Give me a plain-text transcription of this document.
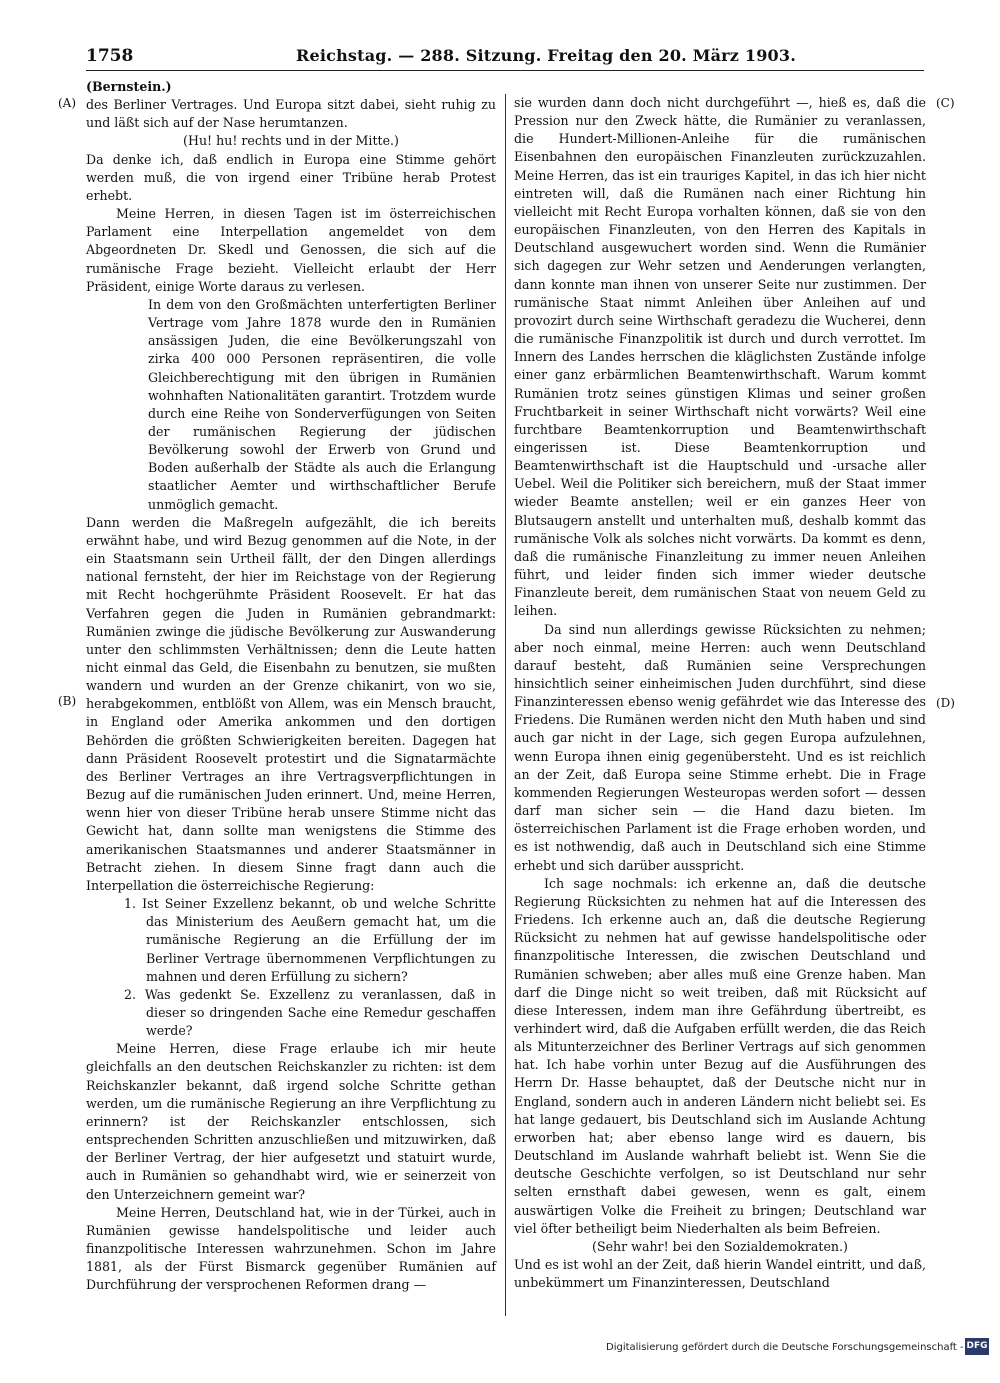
1758	Reichstag. — 288. Sitzung. Freitag den 20. März 1903.
(A)
(B)
(C)
(D)

(Bernstein.)

des Berliner Vertrages. Und Europa sitzt dabei, sieht ruhig zu und läßt sich auf der Nase herumtanzen.

(Hu! hu! rechts und in der Mitte.)

Da denke ich, daß endlich in Europa eine Stimme gehört werden muß, die von irgend einer Tribüne herab Protest erhebt.

Meine Herren, in diesen Tagen ist im österreichischen Parlament eine Interpellation angemeldet von dem Abgeordneten Dr. Skedl und Genossen, die sich auf die rumänische Frage bezieht. Vielleicht erlaubt der Herr Präsident, einige Worte daraus zu verlesen.

In dem von den Großmächten unterfertigten Berliner Vertrage vom Jahre 1878 wurde den in Rumänien ansässigen Juden, die eine Bevölkerungszahl von zirka 400 000 Personen repräsentiren, die volle Gleichberechtigung mit den übrigen in Rumänien wohnhaften Nationalitäten garantirt. Trotzdem wurde durch eine Reihe von Sonderverfügungen von Seiten der rumänischen Regierung der jüdischen Bevölkerung sowohl der Erwerb von Grund und Boden außerhalb der Städte als auch die Erlangung staatlicher Aemter und wirthschaftlicher Berufe unmöglich gemacht.

Dann werden die Maßregeln aufgezählt, die ich bereits erwähnt habe, und wird Bezug genommen auf die Note, in der ein Staatsmann sein Urtheil fällt, der den Dingen allerdings national fernsteht, der hier im Reichstage von der Regierung mit Recht hochgerühmte Präsident Roosevelt. Er hat das Verfahren gegen die Juden in Rumänien gebrandmarkt: Rumänien zwinge die jüdische Bevölkerung zur Auswanderung unter den schlimmsten Verhältnissen; denn die Leute hatten nicht einmal das Geld, die Eisenbahn zu benutzen, sie mußten wandern und wurden an der Grenze chikanirt, von wo sie, herabgekommen, entblößt von Allem, was ein Mensch braucht, in England oder Amerika ankommen und den dortigen Behörden die größten Schwierigkeiten bereiten. Dagegen hat dann Präsident Roosevelt protestirt und die Signatarmächte des Berliner Vertrages an ihre Vertragsverpflichtungen in Bezug auf die rumänischen Juden erinnert. Und, meine Herren, wenn hier von dieser Tribüne herab unsere Stimme nicht das Gewicht hat, dann sollte man wenigstens die Stimme des amerikanischen Staatsmannes und anderer Staatsmänner in Betracht ziehen. In diesem Sinne fragt dann auch die Interpellation die österreichische Regierung:

1. Ist Seiner Exzellenz bekannt, ob und welche Schritte das Ministerium des Aeußern gemacht hat, um die rumänische Regierung an die Erfüllung der im Berliner Vertrage übernommenen Verpflichtungen zu mahnen und deren Erfüllung zu sichern?

2. Was gedenkt Se. Exzellenz zu veranlassen, daß in dieser so dringenden Sache eine Remedur geschaffen werde?

Meine Herren, diese Frage erlaube ich mir heute gleichfalls an den deutschen Reichskanzler zu richten: ist dem Reichskanzler bekannt, daß irgend solche Schritte gethan werden, um die rumänische Regierung an ihre Verpflichtung zu erinnern? ist der Reichskanzler entschlossen, sich entsprechenden Schritten anzuschließen und mitzuwirken, daß der Berliner Vertrag, der hier aufgesetzt und statuirt wurde, auch in Rumänien so gehandhabt wird, wie er seinerzeit von den Unterzeichnern gemeint war?

Meine Herren, Deutschland hat, wie in der Türkei, auch in Rumänien gewisse handelspolitische und leider auch finanzpolitische Interessen wahrzunehmen. Schon im Jahre 1881, als der Fürst Bismarck gegenüber Rumänien auf Durchführung der versprochenen Reformen drang —

sie wurden dann doch nicht durchgeführt —, hieß es, daß die Pression nur den Zweck hätte, die Rumänier zu veranlassen, die Hundert-Millionen-Anleihe für die rumänischen Eisenbahnen den europäischen Finanzleuten zurückzuzahlen. Meine Herren, das ist ein trauriges Kapitel, in das ich hier nicht eintreten will, daß die Rumänen nach einer Richtung hin vielleicht mit Recht Europa vorhalten können, daß sie von den europäischen Finanzleuten, von den Herren des Kapitals in Deutschland ausgewuchert worden sind. Wenn die Rumänier sich dagegen zur Wehr setzen und Aenderungen verlangten, dann konnte man ihnen von unserer Seite nur zustimmen. Der rumänische Staat nimmt Anleihen über Anleihen auf und provozirt durch seine Wirthschaft geradezu die Wucherei, denn die rumänische Finanzpolitik ist durch und durch verrottet. Im Innern des Landes herrschen die kläglichsten Zustände infolge einer ganz erbärmlichen Beamtenwirthschaft. Warum kommt Rumänien trotz seines günstigen Klimas und seiner großen Fruchtbarkeit in seiner Wirthschaft nicht vorwärts? Weil eine furchtbare Beamtenkorruption und Beamtenwirthschaft eingerissen ist. Diese Beamtenkorruption und Beamtenwirthschaft ist die Hauptschuld und -ursache aller Uebel. Weil die Politiker sich bereichern, muß der Staat immer wieder Beamte anstellen; weil er ein ganzes Heer von Blutsaugern anstellt und unterhalten muß, deshalb kommt das rumänische Volk als solches nicht vorwärts. Da kommt es denn, daß die rumänische Finanzleitung zu immer neuen Anleihen führt, und leider finden sich immer wieder deutsche Finanzleute bereit, dem rumänischen Staat von neuem Geld zu leihen.

Da sind nun allerdings gewisse Rücksichten zu nehmen; aber noch einmal, meine Herren: auch wenn Deutschland darauf besteht, daß Rumänien seine Versprechungen hinsichtlich seiner einheimischen Juden durchführt, sind diese Finanzinteressen ebenso wenig gefährdet wie das Interesse des Friedens. Die Rumänen werden nicht den Muth haben und sind auch gar nicht in der Lage, sich gegen Europa aufzulehnen, wenn Europa ihnen einig gegenübersteht. Und es ist reichlich an der Zeit, daß Europa seine Stimme erhebt. Die in Frage kommenden Regierungen Westeuropas werden sofort — dessen darf man sicher sein — die Hand dazu bieten. Im österreichischen Parlament ist die Frage erhoben worden, und es ist nothwendig, daß auch in Deutschland sich eine Stimme erhebt und sich darüber ausspricht.

Ich sage nochmals: ich erkenne an, daß die deutsche Regierung Rücksichten zu nehmen hat auf die Interessen des Friedens. Ich erkenne auch an, daß die deutsche Regierung Rücksicht zu nehmen hat auf gewisse handelspolitische oder finanzpolitische Interessen, die zwischen Deutschland und Rumänien schweben; aber alles muß eine Grenze haben. Man darf die Dinge nicht so weit treiben, daß mit Rücksicht auf diese Interessen, indem man ihre Gefährdung übertreibt, es verhindert wird, daß die Aufgaben erfüllt werden, die das Reich als Mitunterzeichner des Berliner Vertrags auf sich genommen hat. Ich habe vorhin unter Bezug auf die Ausführungen des Herrn Dr. Hasse behauptet, daß der Deutsche nicht nur in England, sondern auch in anderen Ländern nicht beliebt sei. Es hat lange gedauert, bis Deutschland sich im Auslande Achtung erworben hat; aber ebenso lange wird es dauern, bis Deutschland im Auslande wahrhaft beliebt ist. Wenn Sie die deutsche Geschichte verfolgen, so ist Deutschland nur sehr selten ernsthaft dabei gewesen, wenn es galt, einem auswärtigen Volke die Freiheit zu bringen; Deutschland war viel öfter betheiligt beim Niederhalten als beim Befreien.

(Sehr wahr! bei den Sozialdemokraten.)

Und es ist wohl an der Zeit, daß hierin Wandel eintritt, und daß, unbekümmert um Finanzinteressen, Deutschland

Digitalisierung gefördert durch die Deutsche Forschungsgemeinschaft - DFG
